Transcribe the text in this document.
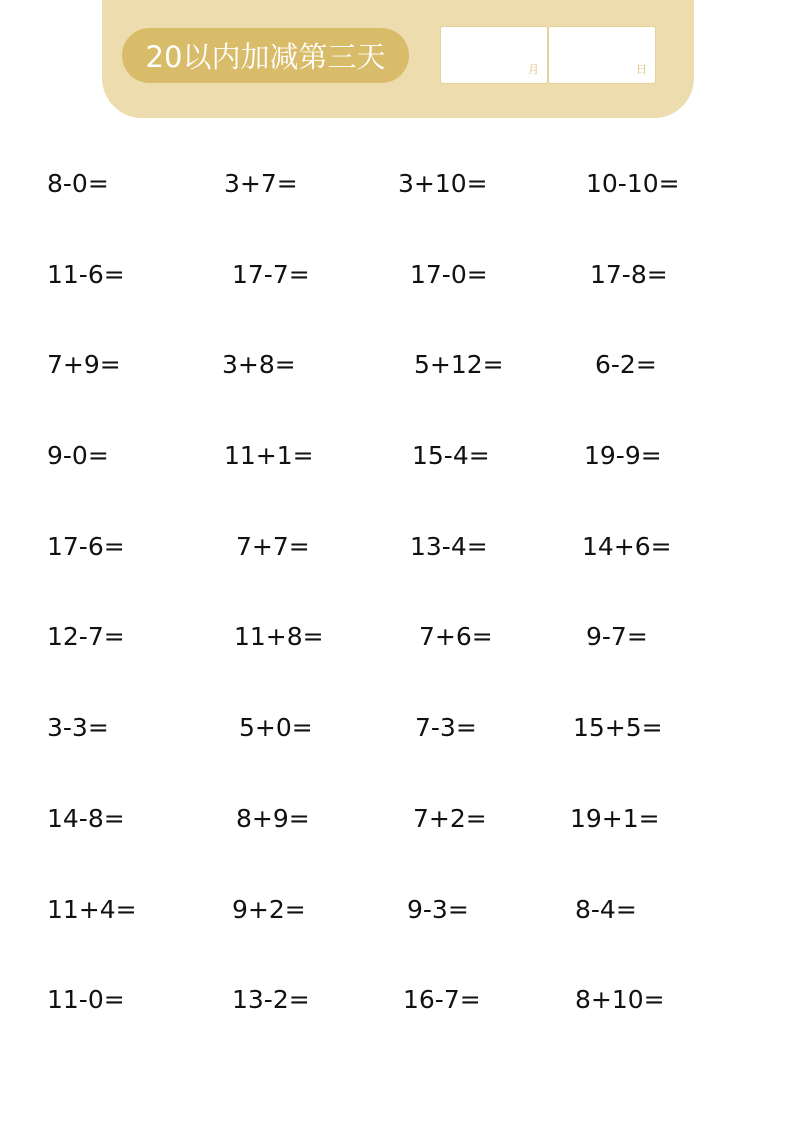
20以内加减第三天	月	日
8-0=	3+7=	3+10=	10-10=
11-6=	17-7=	17-0=	17-8=
7+9=	3+8=	5+12=	6-2=
9-0=	11+1=	15-4=	19-9=
17-6=	7+7=	13-4=	14+6=
12-7=	11+8=	7+6=	9-7=
3-3=	5+0=	7-3=	15+5=
14-8=	8+9=	7+2=	19+1=
11+4=	9+2=	9-3=	8-4=
11-0=	13-2=	16-7=	8+10=
